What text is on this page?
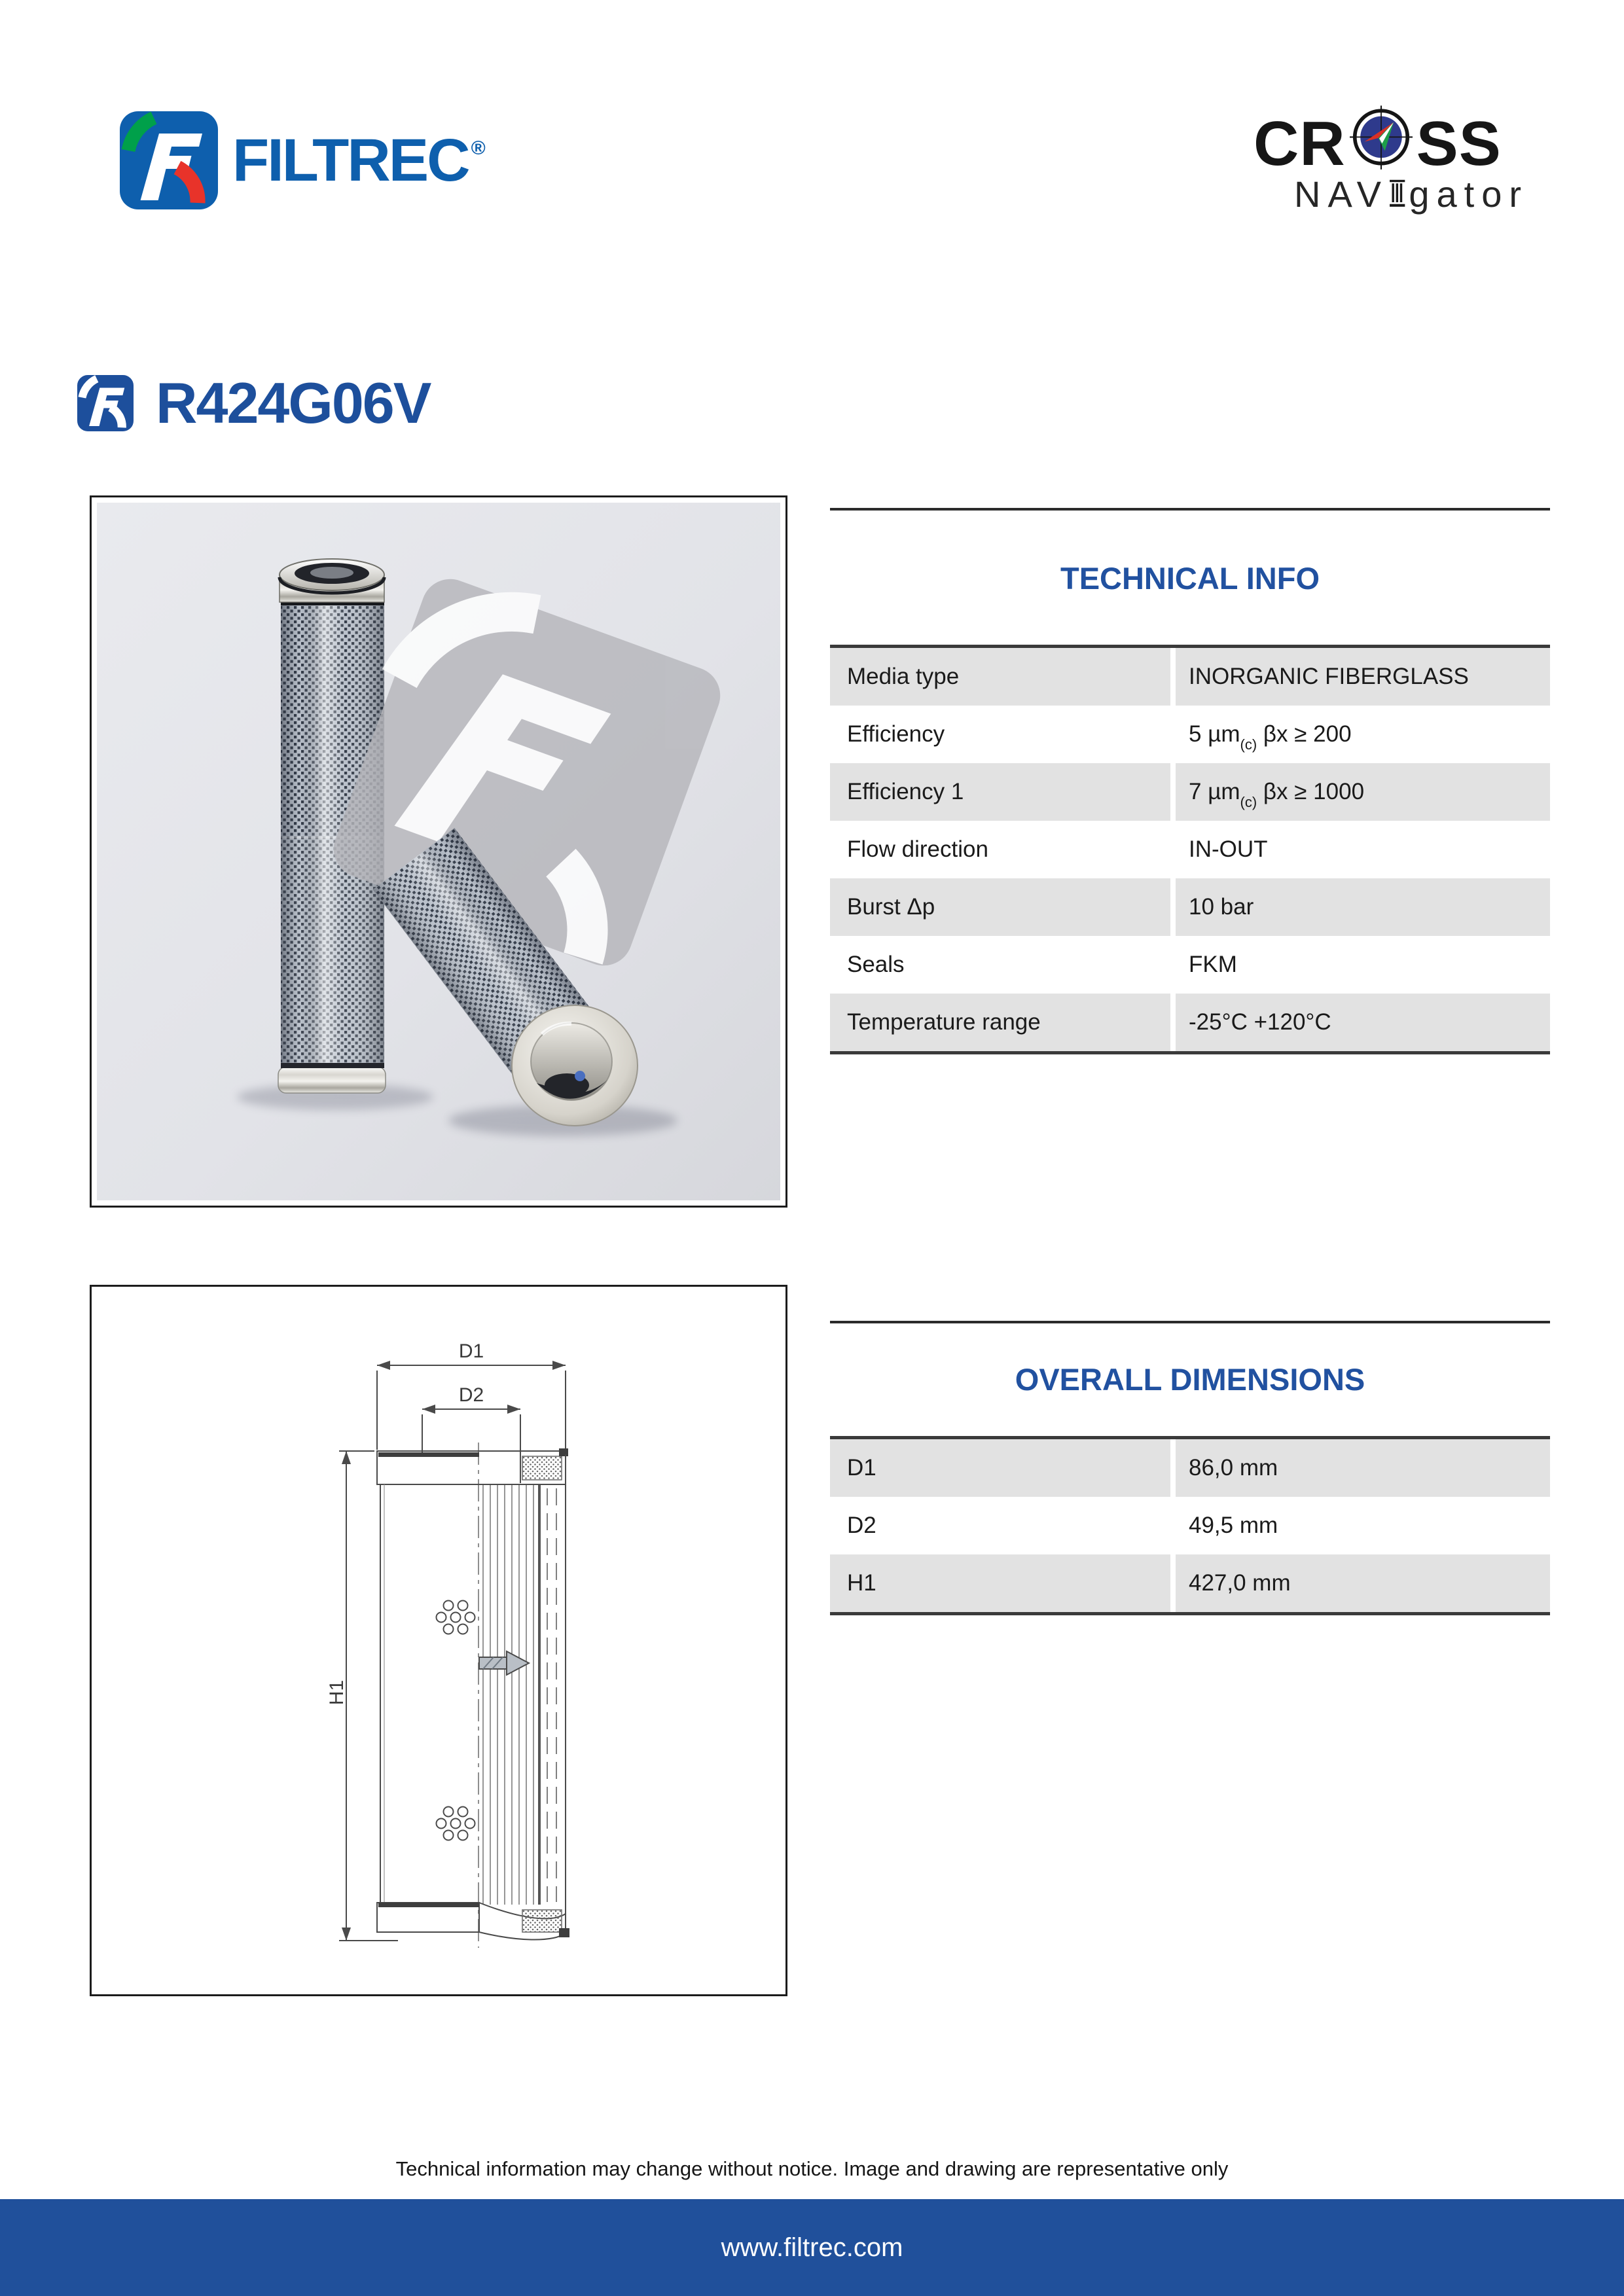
FILTREC ®	CR SS
NAV gator
R424G06V
TECHNICAL INFO
Media type	INORGANIC FIBERGLASS
Efficiency	5 µm$_{(c)}$ βx ≥ 200
Efficiency 1	7 µm$_{(c)}$ βx ≥ 1000
Flow direction	IN-OUT
Burst Δp	10 bar
Seals	FKM
Temperature range	-25°C +120°C
D1
D2
H1
OVERALL DIMENSIONS
D1	86,0 mm
D2	49,5 mm
H1	427,0 mm
Technical information may change without notice. Image and drawing are representative only
www.filtrec.com
